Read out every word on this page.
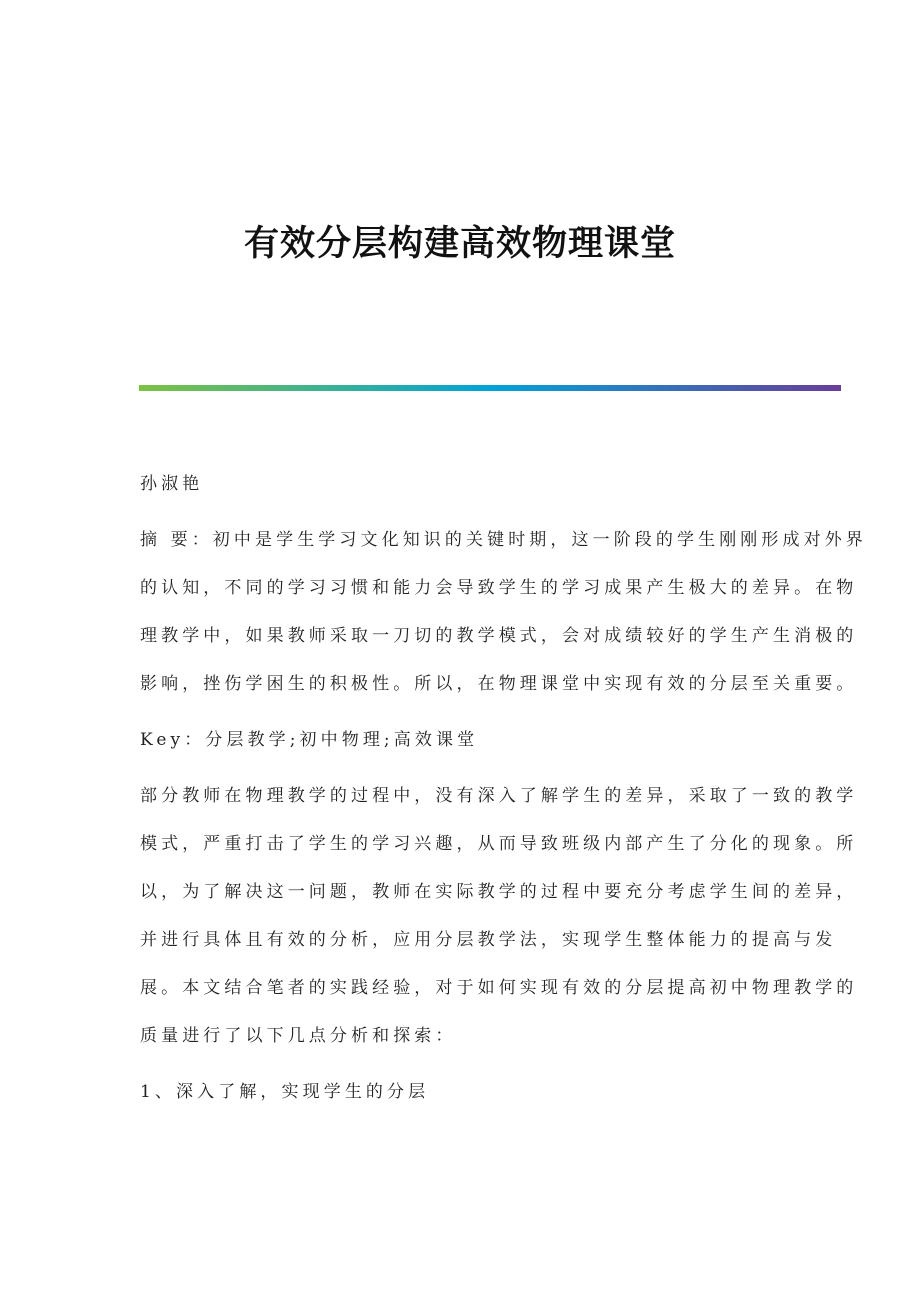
有效分层构建高效物理课堂
孙淑艳
摘 要：初中是学生学习文化知识的关键时期，这一阶段的学生刚刚形成对外界
的认知，不同的学习习惯和能力会导致学生的学习成果产生极大的差异。在物
理教学中，如果教师采取一刀切的教学模式，会对成绩较好的学生产生消极的
影响，挫伤学困生的积极性。所以，在物理课堂中实现有效的分层至关重要。
Key：分层教学;初中物理;高效课堂
部分教师在物理教学的过程中，没有深入了解学生的差异，采取了一致的教学
模式，严重打击了学生的学习兴趣，从而导致班级内部产生了分化的现象。所
以，为了解决这一问题，教师在实际教学的过程中要充分考虑学生间的差异，
并进行具体且有效的分析，应用分层教学法，实现学生整体能力的提高与发
展。本文结合笔者的实践经验，对于如何实现有效的分层提高初中物理教学的
质量进行了以下几点分析和探索：
1、深入了解，实现学生的分层
